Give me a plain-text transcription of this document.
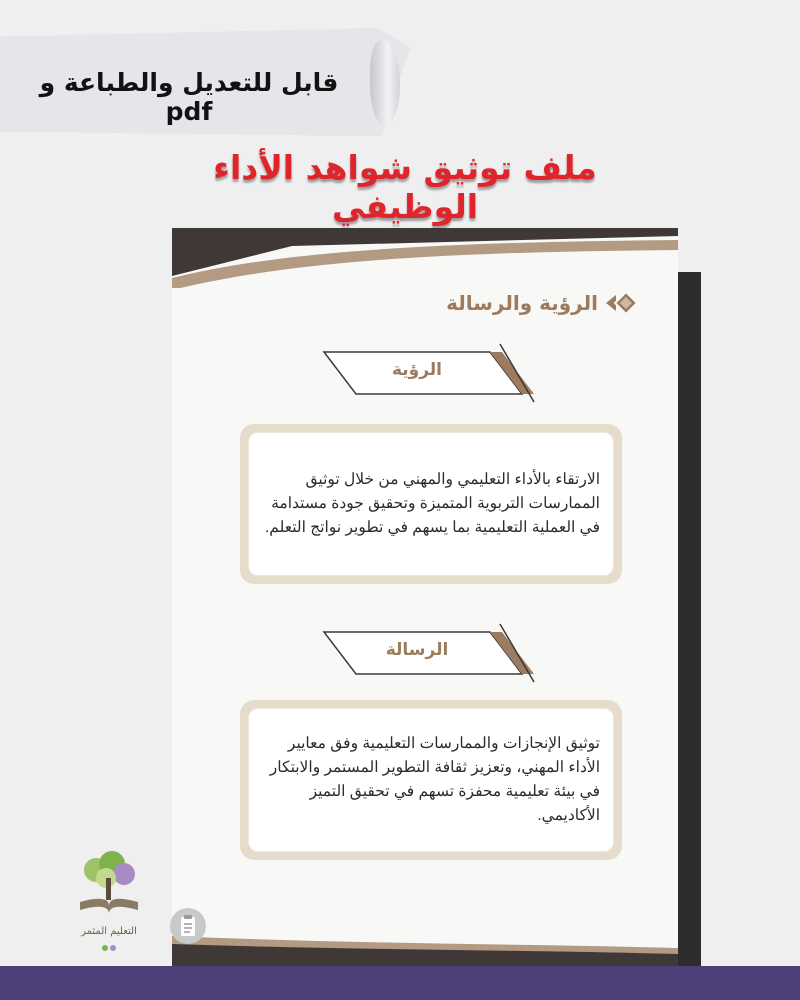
قابل للتعديل والطباعة و pdf
ملف توثيق شواهد الأداء الوظيفي
الرؤية والرسالة
الرؤية

الارتقاء بالأداء التعليمي والمهني من خلال توثيق الممارسات التربوية المتميزة وتحقيق جودة مستدامة في العملية التعليمية بما يسهم في تطوير نواتج التعلم.

الرسالة

توثيق الإنجازات والممارسات التعليمية وفق معايير الأداء المهني، وتعزيز ثقافة التطوير المستمر والابتكار في بيئة تعليمية محفزة تسهم في تحقيق التميز الأكاديمي.

التعليم المثمر
